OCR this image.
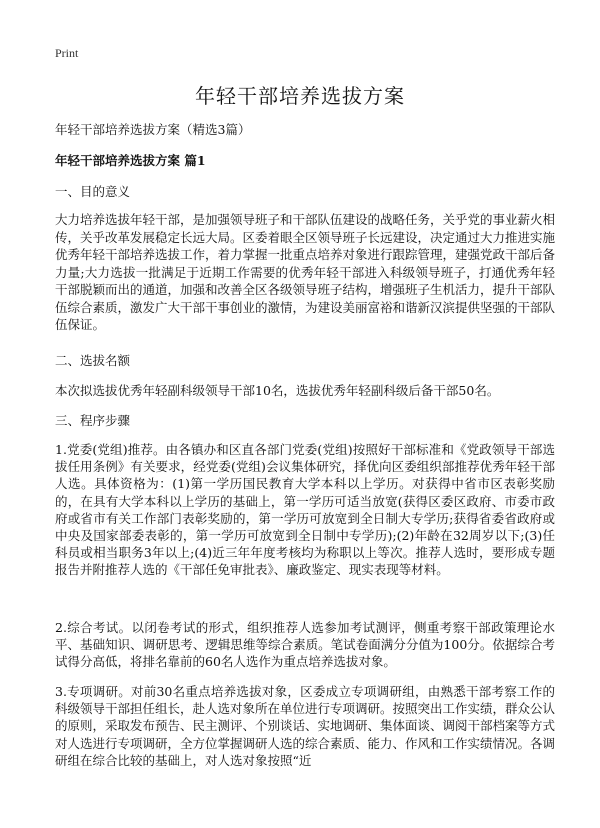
Print
年轻干部培养选拔方案

年轻干部培养选拔方案（精选3篇）

年轻干部培养选拔方案 篇1

一、目的意义

大力培养选拔年轻干部，是加强领导班子和干部队伍建设的战略任务，关乎党的事业薪火相传，关乎改革发展稳定长远大局。区委着眼全区领导班子长远建设，决定通过大力推进实施优秀年轻干部培养选拔工作，着力掌握一批重点培养对象进行跟踪管理，建强党政干部后备力量;大力选拔一批满足于近期工作需要的优秀年轻干部进入科级领导班子，打通优秀年轻干部脱颖而出的通道，加强和改善全区各级领导班子结构，增强班子生机活力，提升干部队伍综合素质，激发广大干部干事创业的激情，为建设美丽富裕和谐新汉滨提供坚强的干部队伍保证。

二、选拔名额

本次拟选拔优秀年轻副科级领导干部10名，选拔优秀年轻副科级后备干部50名。

三、程序步骤

1.党委(党组)推荐。由各镇办和区直各部门党委(党组)按照好干部标准和《党政领导干部选拔任用条例》有关要求，经党委(党组)会议集体研究，择优向区委组织部推荐优秀年轻干部人选。具体资格为：(1)第一学历国民教育大学本科以上学历。对获得中省市区表彰奖励的，在具有大学本科以上学历的基础上，第一学历可适当放宽(获得区委区政府、市委市政府或省市有关工作部门表彰奖励的，第一学历可放宽到全日制大专学历;获得省委省政府或中央及国家部委表彰的，第一学历可放宽到全日制中专学历);(2)年龄在32周岁以下;(3)任科员或相当职务3年以上;(4)近三年年度考核均为称职以上等次。推荐人选时，要形成专题报告并附推荐人选的《干部任免审批表》、廉政鉴定、现实表现等材料。

2.综合考试。以闭卷考试的形式，组织推荐人选参加考试测评，侧重考察干部政策理论水平、基础知识、调研思考、逻辑思维等综合素质。笔试卷面满分分值为100分。依据综合考试得分高低，将排名靠前的60名人选作为重点培养选拔对象。

3.专项调研。对前30名重点培养选拔对象，区委成立专项调研组，由熟悉干部考察工作的科级领导干部担任组长，赴人选对象所在单位进行专项调研。按照突出工作实绩，群众公认的原则，采取发布预告、民主测评、个别谈话、实地调研、集体面谈、调阅干部档案等方式对人选进行专项调研，全方位掌握调研人选的综合素质、能力、作风和工作实绩情况。各调研组在综合比较的基础上，对人选对象按照“近
